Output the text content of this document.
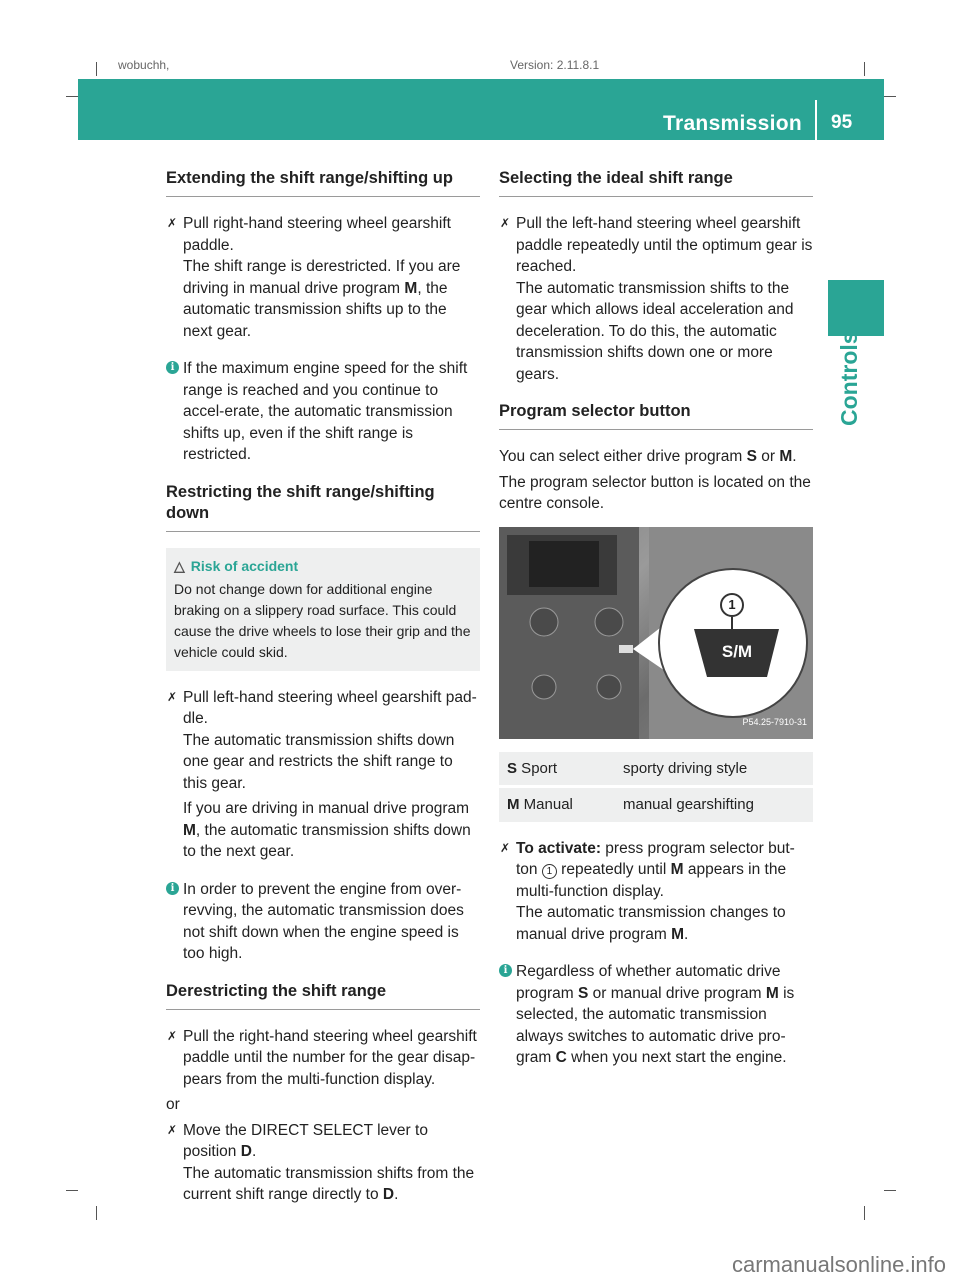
wobuchh,	Version: 2.11.8.1
Transmission 95
Controls
Extending the shift range/shifting up
✗ Pull right-hand steering wheel gearshift paddle.

The shift range is derestricted. If you are driving in manual drive program M, the automatic transmission shifts up to the next gear.

i If the maximum engine speed for the shift range is reached and you continue to accel-erate, the automatic transmission shifts up, even if the shift range is restricted.

Restricting the shift range/shifting down
△ Risk of accident

Do not change down for additional engine braking on a slippery road surface. This could cause the drive wheels to lose their grip and the vehicle could skid.

✗ Pull left-hand steering wheel gearshift pad-dle.

The automatic transmission shifts down one gear and restricts the shift range to this gear.

If you are driving in manual drive program M, the automatic transmission shifts down to the next gear.

i In order to prevent the engine from over-revving, the automatic transmission does not shift down when the engine speed is too high.

Derestricting the shift range
✗ Pull the right-hand steering wheel gearshift paddle until the number for the gear disap-pears from the multi-function display.

or

✗ Move the DIRECT SELECT lever to position D.

The automatic transmission shifts from the current shift range directly to D.

Selecting the ideal shift range
✗ Pull the left-hand steering wheel gearshift paddle repeatedly until the optimum gear is reached.

The automatic transmission shifts to the gear which allows ideal acceleration and deceleration. To do this, the automatic transmission shifts down one or more gears.

Program selector button

You can select either drive program S or M.

The program selector button is located on the centre console.

1
S/M
P54.25-7910-31
S Sport	sporty driving style
M Manual	manual gearshifting
✗ To activate: press program selector but-ton 1 repeatedly until M appears in the multi-function display.

The automatic transmission changes to manual drive program M.

i Regardless of whether automatic drive program S or manual drive program M is selected, the automatic transmission always switches to automatic drive pro-gram C when you next start the engine.

carmanualsonline.info
